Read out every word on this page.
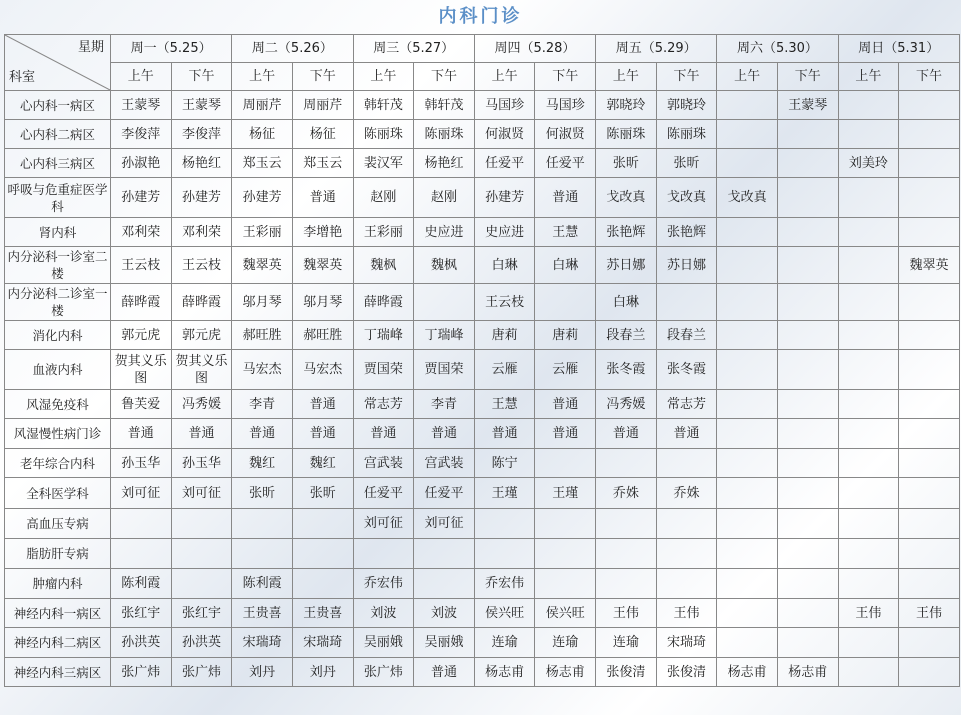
内科门诊
星期
科室	周一（5.25）		周二（5.26）		周三（5.27）		周四（5.28）		周五（5.29）		周六（5.30）		周日（5.31）	
	上午	下午	上午	下午	上午	下午	上午	下午	上午	下午	上午	下午	上午	下午
心内科一病区	王蒙琴	王蒙琴	周丽芹	周丽芹	韩轩茂	韩轩茂	马国珍	马国珍	郭晓玲	郭晓玲		王蒙琴		
心内科二病区	李俊萍	李俊萍	杨征	杨征	陈丽珠	陈丽珠	何淑贤	何淑贤	陈丽珠	陈丽珠				
心内科三病区	孙淑艳	杨艳红	郑玉云	郑玉云	裴汉军	杨艳红	任爱平	任爱平	张昕	张昕			刘美玲	
呼吸与危重症医学科	孙建芳	孙建芳	孙建芳	普通	赵刚	赵刚	孙建芳	普通	戈改真	戈改真	戈改真			
肾内科	邓利荣	邓利荣	王彩丽	李增艳	王彩丽	史应进	史应进	王慧	张艳辉	张艳辉				
内分泌科一诊室二楼	王云枝	王云枝	魏翠英	魏翠英	魏枫	魏枫	白琳	白琳	苏日娜	苏日娜				魏翠英
内分泌科二诊室一楼	薛晔霞	薛晔霞	邬月琴	邬月琴	薛晔霞		王云枝		白琳					
消化内科	郭元虎	郭元虎	郝旺胜	郝旺胜	丁瑞峰	丁瑞峰	唐莉	唐莉	段春兰	段春兰				
血液内科	贺其义乐图	贺其义乐图	马宏杰	马宏杰	贾国荣	贾国荣	云雁	云雁	张冬霞	张冬霞				
风湿免疫科	鲁芙爱	冯秀媛	李青	普通	常志芳	李青	王慧	普通	冯秀媛	常志芳				
风湿慢性病门诊	普通	普通	普通	普通	普通	普通	普通	普通	普通	普通				
老年综合内科	孙玉华	孙玉华	魏红	魏红	宫武装	宫武装	陈宁							
全科医学科	刘可征	刘可征	张昕	张昕	任爱平	任爱平	王瑾	王瑾	乔姝	乔姝				
高血压专病					刘可征	刘可征								
脂肪肝专病														
肿瘤内科	陈利霞		陈利霞		乔宏伟		乔宏伟							
神经内科一病区	张红宇	张红宇	王贵喜	王贵喜	刘波	刘波	侯兴旺	侯兴旺	王伟	王伟			王伟	王伟
神经内科二病区	孙洪英	孙洪英	宋瑞琦	宋瑞琦	吴丽娥	吴丽娥	连瑜	连瑜	连瑜	宋瑞琦				
神经内科三病区	张广炜	张广炜	刘丹	刘丹	张广炜	普通	杨志甫	杨志甫	张俊清	张俊清	杨志甫	杨志甫		
